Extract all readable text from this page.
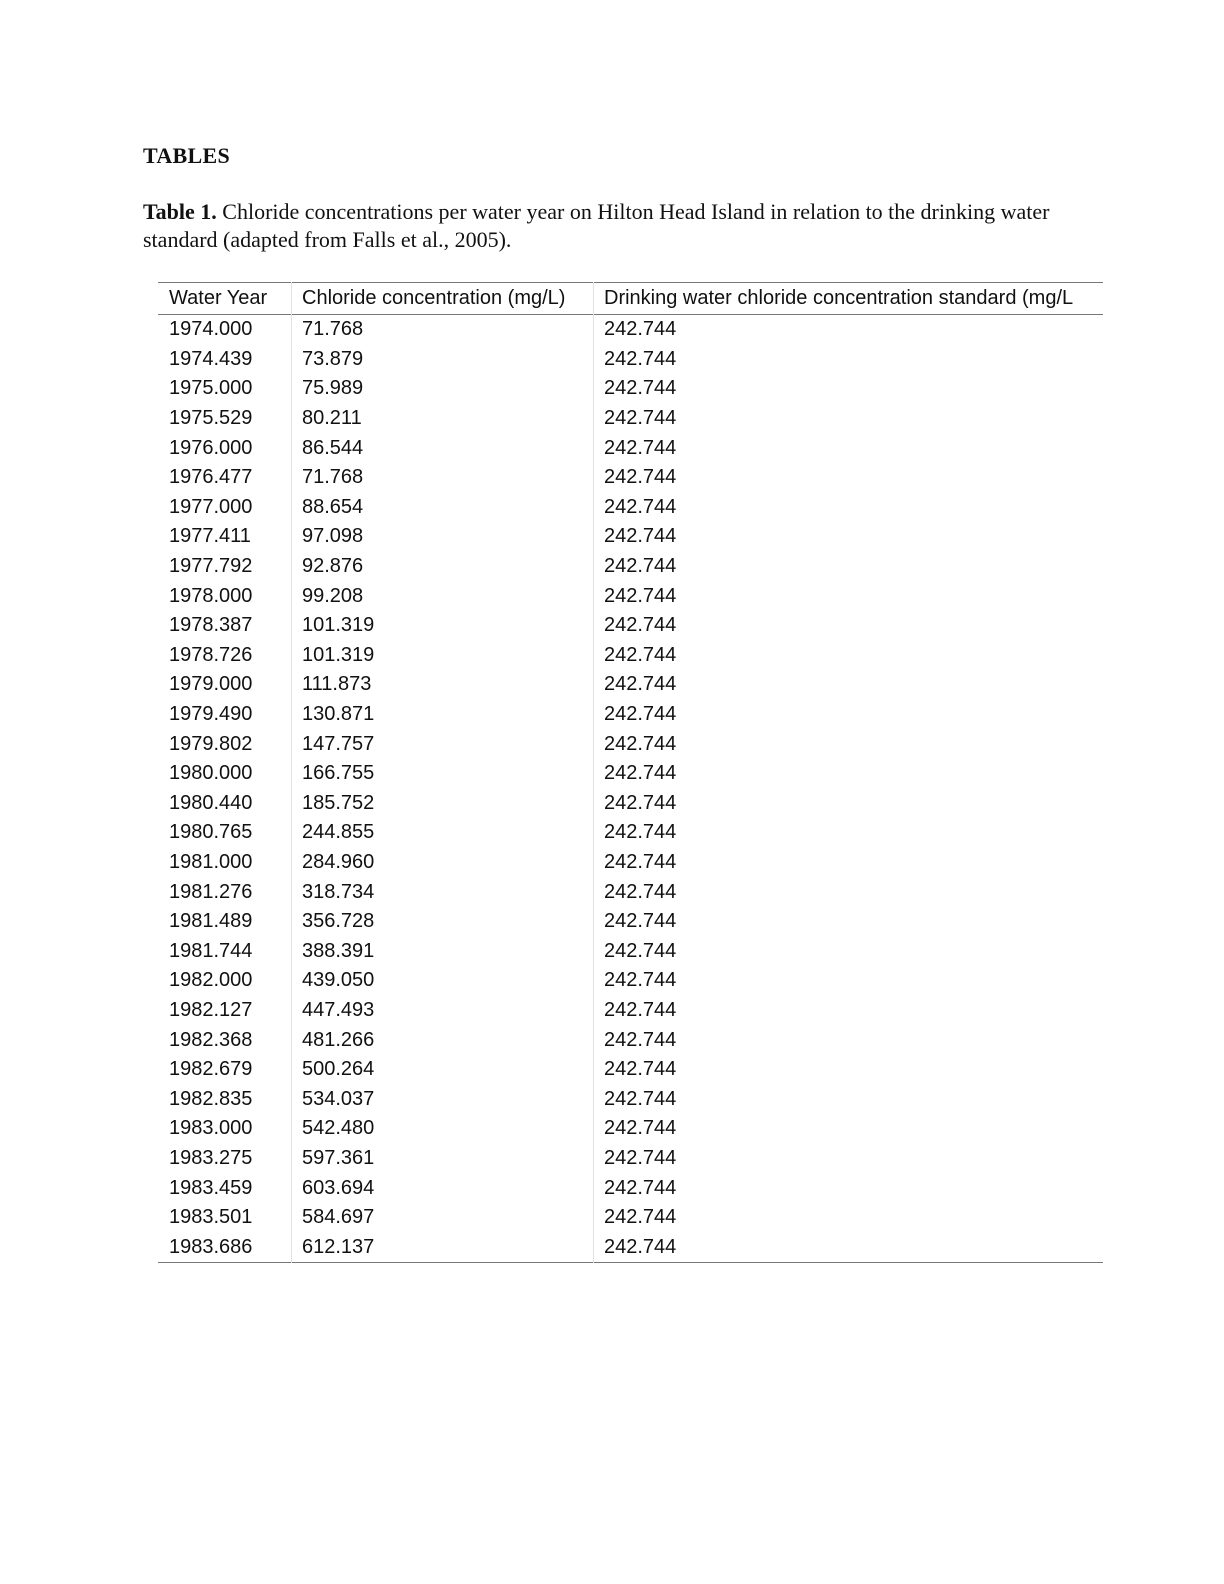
TABLES

Table 1. Chloride concentrations per water year on Hilton Head Island in relation to the drinking water standard (adapted from Falls et al., 2005).

Water Year	Chloride concentration (mg/L)	Drinking water chloride concentration standard (mg/L
1974.000	71.768	242.744
1974.439	73.879	242.744
1975.000	75.989	242.744
1975.529	80.211	242.744
1976.000	86.544	242.744
1976.477	71.768	242.744
1977.000	88.654	242.744
1977.411	97.098	242.744
1977.792	92.876	242.744
1978.000	99.208	242.744
1978.387	101.319	242.744
1978.726	101.319	242.744
1979.000	111.873	242.744
1979.490	130.871	242.744
1979.802	147.757	242.744
1980.000	166.755	242.744
1980.440	185.752	242.744
1980.765	244.855	242.744
1981.000	284.960	242.744
1981.276	318.734	242.744
1981.489	356.728	242.744
1981.744	388.391	242.744
1982.000	439.050	242.744
1982.127	447.493	242.744
1982.368	481.266	242.744
1982.679	500.264	242.744
1982.835	534.037	242.744
1983.000	542.480	242.744
1983.275	597.361	242.744
1983.459	603.694	242.744
1983.501	584.697	242.744
1983.686	612.137	242.744
